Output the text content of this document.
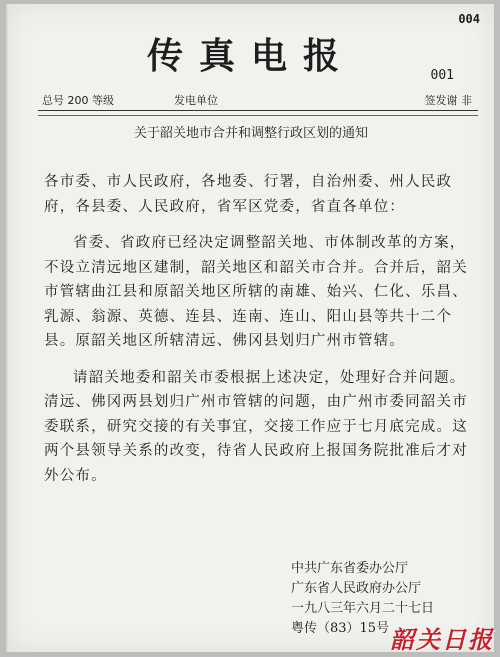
004
传真电报	001
总号 200 等级	发电单位	签发谢 非
关于韶关地市合并和调整行政区划的通知

各市委、市人民政府，各地委、行署，自治州委、州人民政府，各县委、人民政府，省军区党委，省直各单位：

省委、省政府已经决定调整韶关地、市体制改革的方案，不设立清远地区建制，韶关地区和韶关市合并。合并后，韶关市管辖曲江县和原韶关地区所辖的南雄、始兴、仁化、乐昌、乳源、翁源、英德、连县、连南、连山、阳山县等共十二个县。原韶关地区所辖清远、佛冈县划归广州市管辖。

请韶关地委和韶关市委根据上述决定，处理好合并问题。清远、佛冈两县划归广州市管辖的问题，由广州市委同韶关市委联系，研究交接的有关事宜，交接工作应于七月底完成。这两个县领导关系的改变，待省人民政府上报国务院批准后才对外公布。

中共广东省委办公厅
广东省人民政府办公厅
一九八三年六月二十七日
粤传（83）15号 韶关日报
